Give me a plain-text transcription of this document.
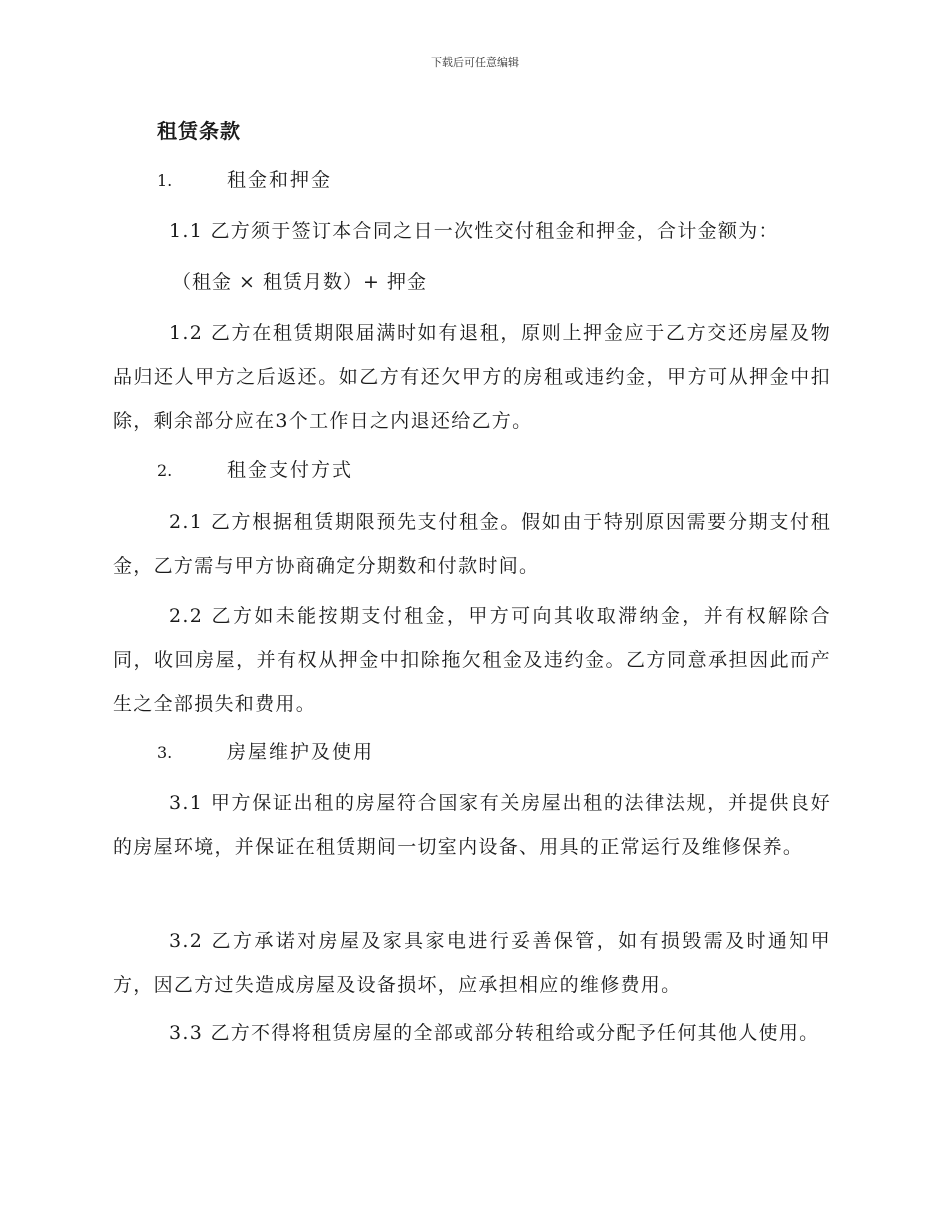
下载后可任意编辑
租赁条款
1.	租金和押金
1.1 乙方须于签订本合同之日一次性交付租金和押金，合计金额为：
（租金 × 租赁月数）+ 押金
1.2 乙方在租赁期限届满时如有退租，原则上押金应于乙方交还房屋及物品归还人甲方之后返还。如乙方有还欠甲方的房租或违约金，甲方可从押金中扣除，剩余部分应在3个工作日之内退还给乙方。
2.	租金支付方式
2.1 乙方根据租赁期限预先支付租金。假如由于特别原因需要分期支付租金，乙方需与甲方协商确定分期数和付款时间。
2.2 乙方如未能按期支付租金，甲方可向其收取滞纳金，并有权解除合同，收回房屋，并有权从押金中扣除拖欠租金及违约金。乙方同意承担因此而产生之全部损失和费用。
3.	房屋维护及使用
3.1 甲方保证出租的房屋符合国家有关房屋出租的法律法规，并提供良好的房屋环境，并保证在租赁期间一切室内设备、用具的正常运行及维修保养。
3.2 乙方承诺对房屋及家具家电进行妥善保管，如有损毁需及时通知甲方，因乙方过失造成房屋及设备损坏，应承担相应的维修费用。
3.3 乙方不得将租赁房屋的全部或部分转租给或分配予任何其他人使用。
